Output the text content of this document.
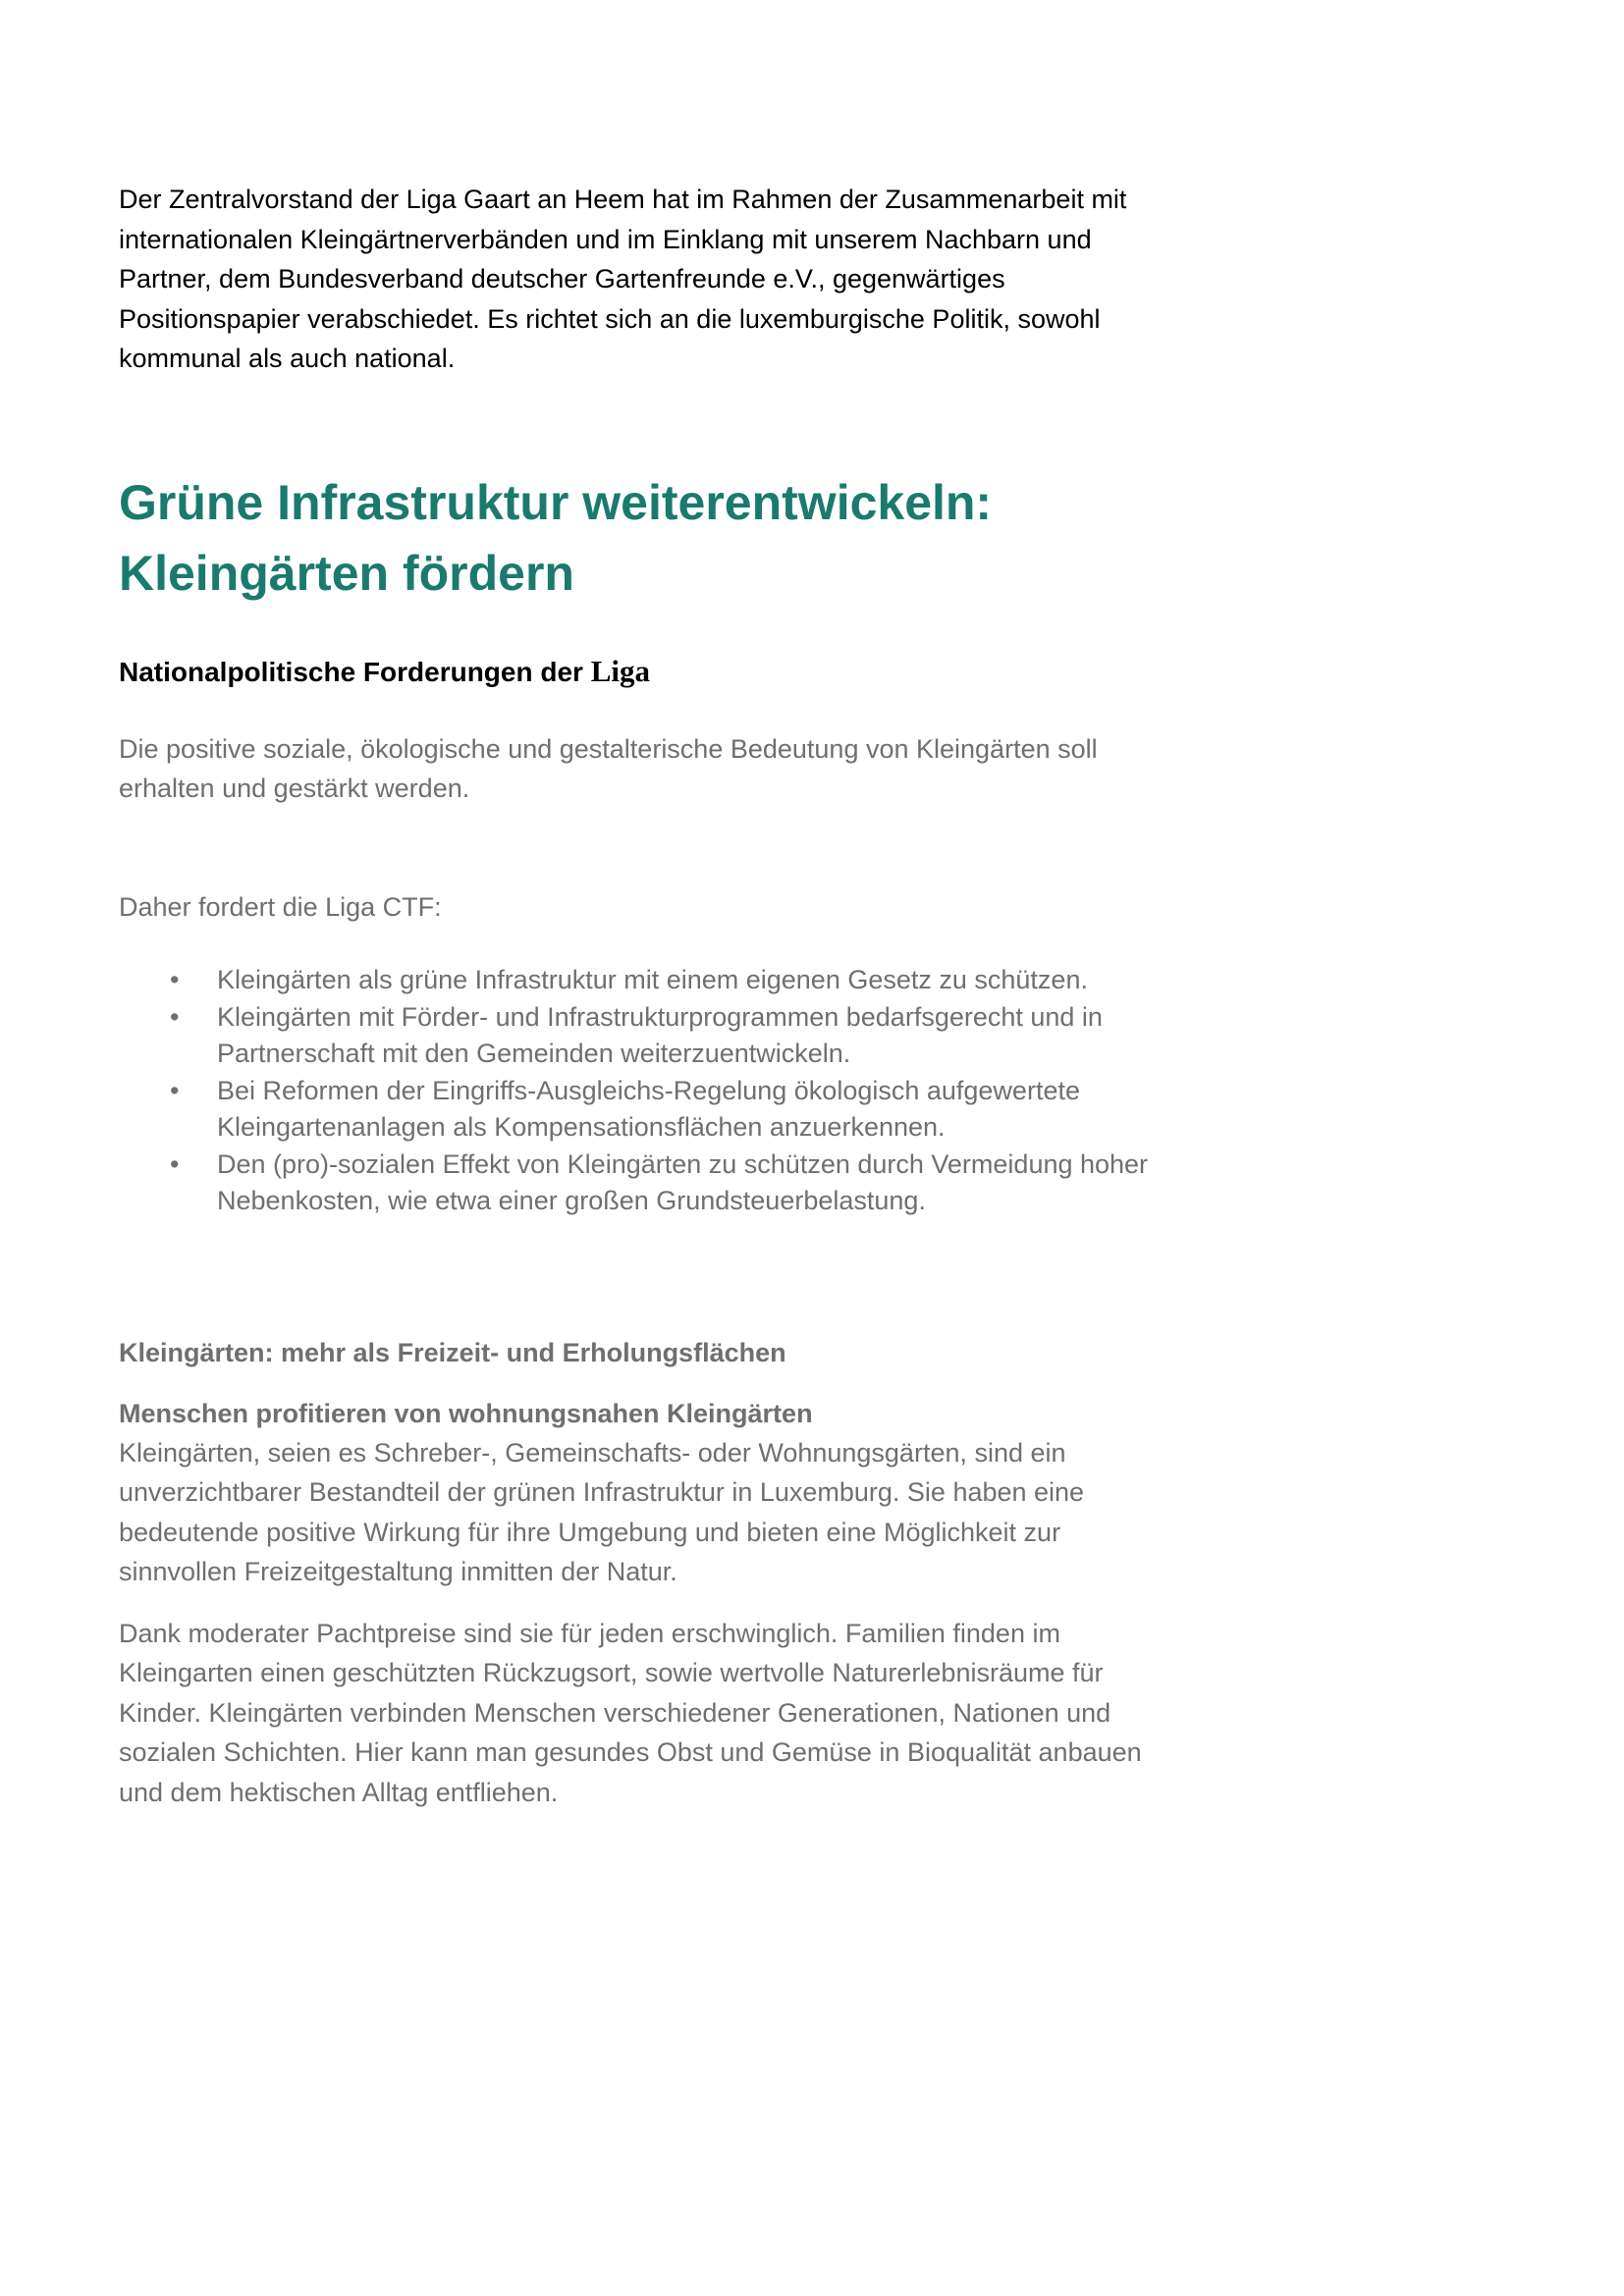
Der Zentralvorstand der Liga Gaart an Heem hat im Rahmen der Zusammenarbeit mit internationalen Kleingärtnerverbänden und im Einklang mit unserem Nachbarn und Partner, dem Bundesverband deutscher Gartenfreunde e.V., gegenwärtiges Positionspapier verabschiedet. Es richtet sich an die luxemburgische Politik, sowohl kommunal als auch national.

Grüne Infrastruktur weiterentwickeln:
Kleingärten fördern
Nationalpolitische Forderungen der Liga

Die positive soziale, ökologische und gestalterische Bedeutung von Kleingärten soll erhalten und gestärkt werden.

Daher fordert die Liga CTF:

• Kleingärten als grüne Infrastruktur mit einem eigenen Gesetz zu schützen.
• Kleingärten mit Förder- und Infrastrukturprogrammen bedarfsgerecht und in Partnerschaft mit den Gemeinden weiterzuentwickeln.
• Bei Reformen der Eingriffs-Ausgleichs-Regelung ökologisch aufgewertete Kleingartenanlagen als Kompensationsflächen anzuerkennen.
• Den (pro)-sozialen Effekt von Kleingärten zu schützen durch Vermeidung hoher Nebenkosten, wie etwa einer großen Grundsteuerbelastung.
Kleingärten: mehr als Freizeit- und Erholungsflächen
Menschen profitieren von wohnungsnahen Kleingärten

Kleingärten, seien es Schreber-, Gemeinschafts- oder Wohnungsgärten, sind ein unverzichtbarer Bestandteil der grünen Infrastruktur in Luxemburg. Sie haben eine bedeutende positive Wirkung für ihre Umgebung und bieten eine Möglichkeit zur sinnvollen Freizeitgestaltung inmitten der Natur.

Dank moderater Pachtpreise sind sie für jeden erschwinglich. Familien finden im Kleingarten einen geschützten Rückzugsort, sowie wertvolle Naturerlebnisräume für Kinder. Kleingärten verbinden Menschen verschiedener Generationen, Nationen und sozialen Schichten. Hier kann man gesundes Obst und Gemüse in Bioqualität anbauen und dem hektischen Alltag entfliehen.
